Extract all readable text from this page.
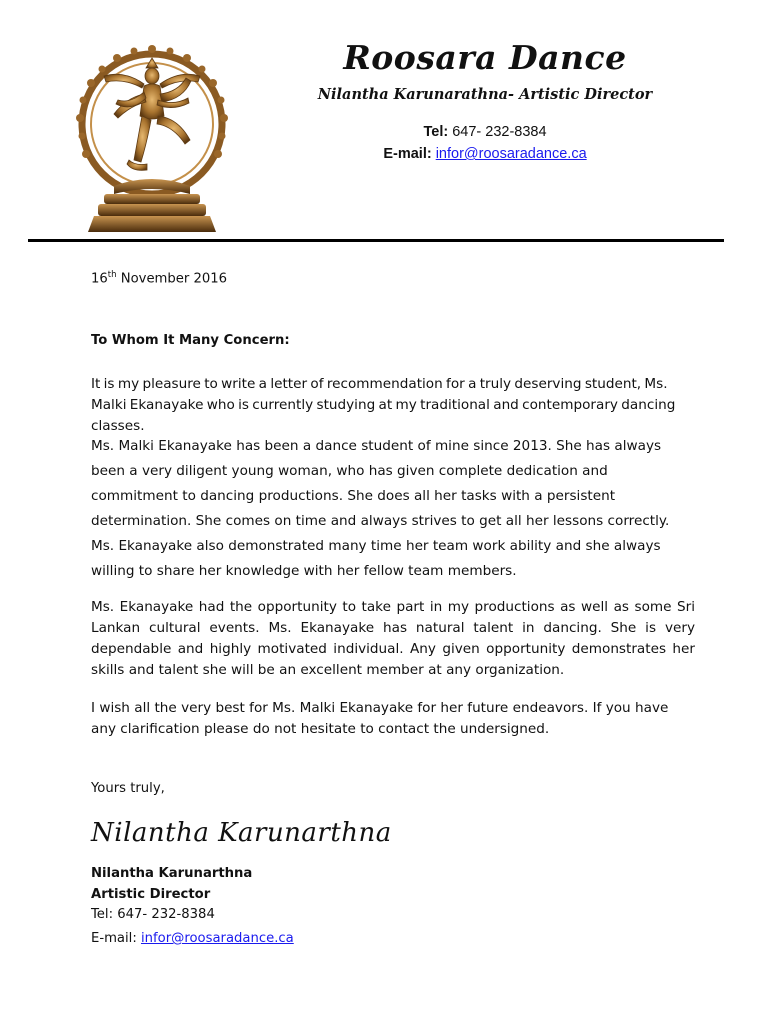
Roosara Dance
Nilantha Karunarathna- Artistic Director
Tel: 647- 232-8384
E-mail: infor@roosaradance.ca
16th November 2016
To Whom It Many Concern:
It is my pleasure to write a letter of recommendation for a truly deserving student, Ms. Malki Ekanayake who is currently studying at my traditional and contemporary dancing classes.
Ms. Malki Ekanayake has been a dance student of mine since 2013. She has always been a very diligent young woman, who has given complete dedication and commitment to dancing productions. She does all her tasks with a persistent determination. She comes on time and always strives to get all her lessons correctly. Ms. Ekanayake also demonstrated many time her team work ability and she always willing to share her knowledge with her fellow team members.
Ms. Ekanayake had the opportunity to take part in my productions as well as some Sri Lankan cultural events. Ms. Ekanayake has natural talent in dancing. She is very dependable and highly motivated individual. Any given opportunity demonstrates her skills and talent she will be an excellent member at any organization.
I wish all the very best for Ms. Malki Ekanayake for her future endeavors. If you have any clarification please do not hesitate to contact the undersigned.
Yours truly,
Nilantha Karunarthna
Nilantha Karunarthna
Artistic Director
Tel: 647- 232-8384
E-mail: infor@roosaradance.ca
